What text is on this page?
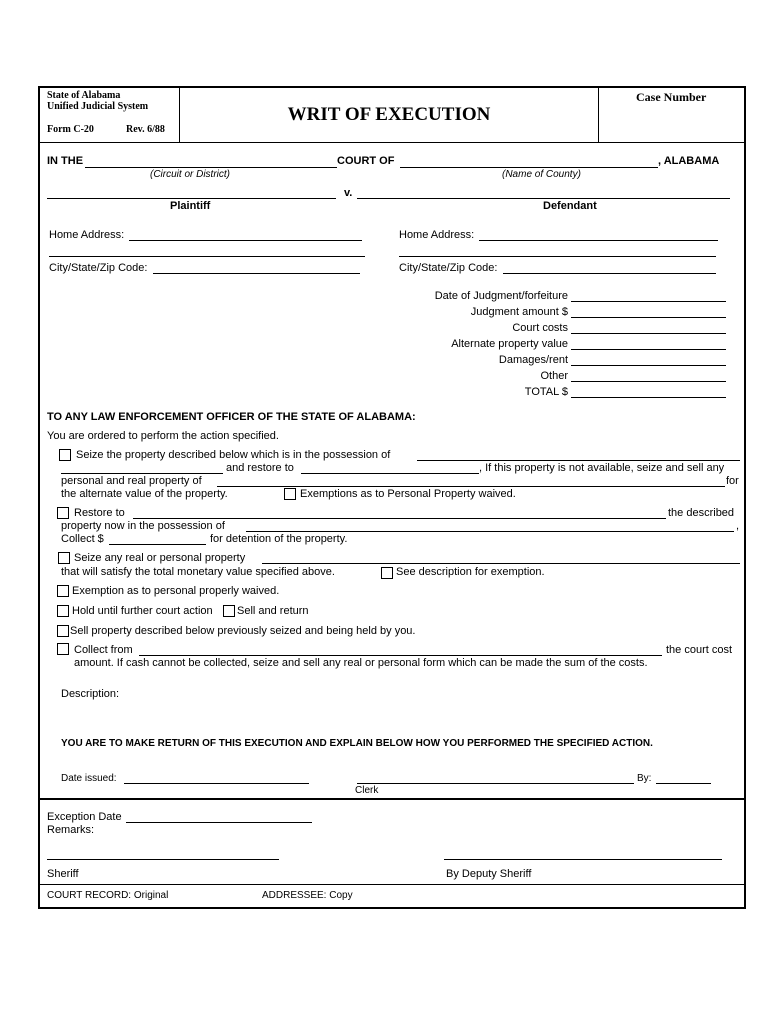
State of Alabama
Unified Judicial System
Form C-20	Rev. 6/88
WRIT OF EXECUTION
Case Number
IN THE	COURT OF	, ALABAMA
(Circuit or District)	(Name of County)
v.
Plaintiff	Defendant
Home Address:
City/State/Zip Code:
Home Address:
City/State/Zip Code:
Date of Judgment/forfeiture
Judgment amount $
Court costs
Alternate property value
Damages/rent
Other
TOTAL $
TO ANY LAW ENFORCEMENT OFFICER OF THE STATE OF ALABAMA:
You are ordered to perform the action specified.
Seize the property described below which is in the possession of
and restore to	, If this property is not available, seize and sell any
personal and real property of	for
the alternate value of the property.	Exemptions as to Personal Property waived.
Restore to	the described
property now in the possession of	,
Collect $	for detention of the property.
Seize any real or personal property
that will satisfy the total monetary value specified above.	See description for exemption.
Exemption as to personal properly waived.
Hold until further court action Sell and return
Sell property described below previously seized and being held by you.
Collect from	the court cost
amount. If cash cannot be collected, seize and sell any real or personal form which can be made the sum of the costs.
Description:
YOU ARE TO MAKE RETURN OF THIS EXECUTION AND EXPLAIN BELOW HOW YOU PERFORMED THE SPECIFIED ACTION.
Date issued:	By:
Clerk
Exception Date
Remarks:
Sheriff	By Deputy Sheriff
COURT RECORD: Original	ADDRESSEE: Copy
